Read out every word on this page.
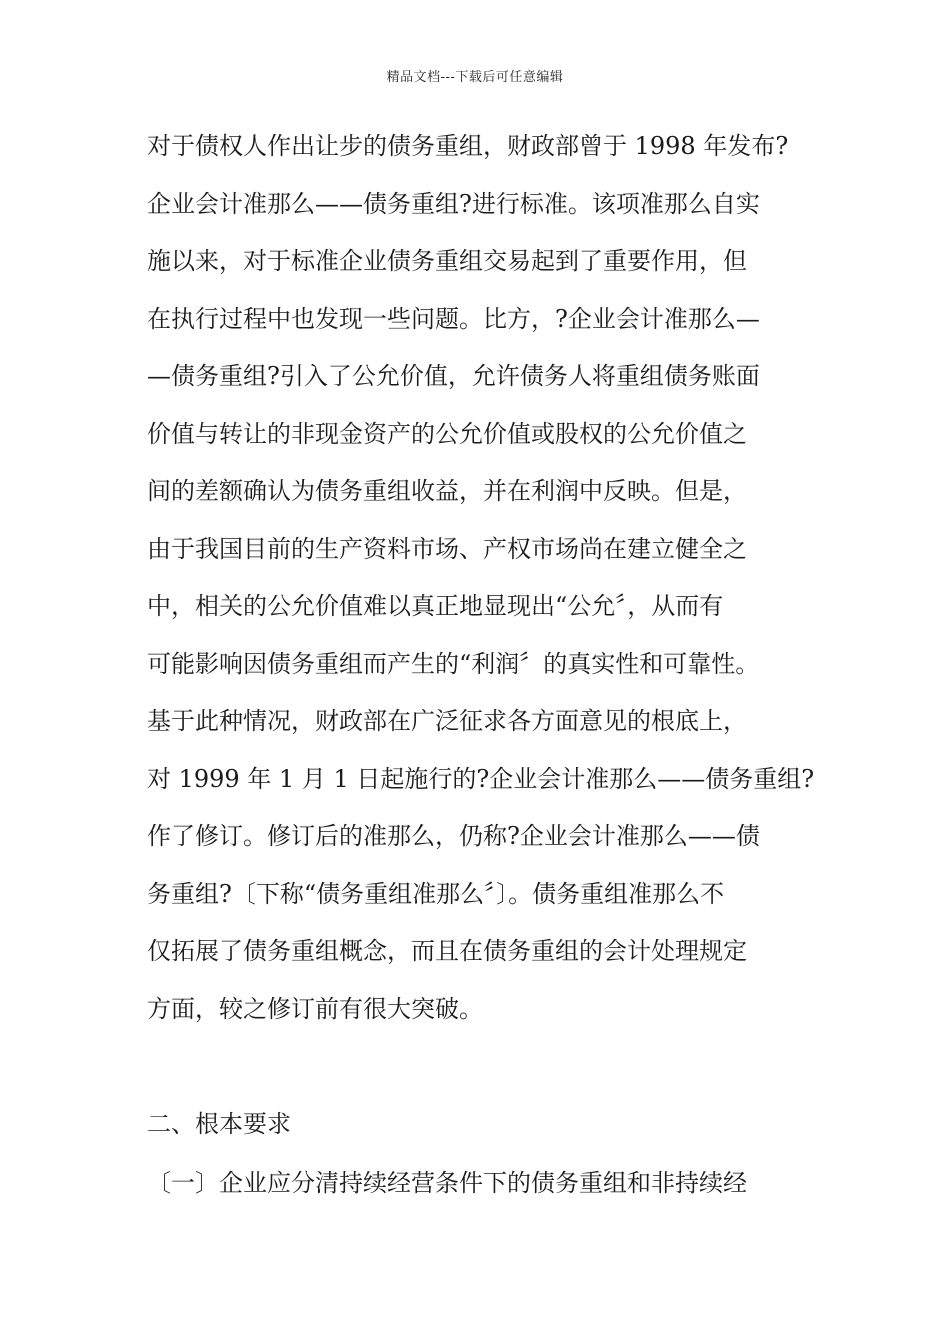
精品文档---下载后可任意编辑
对于债权人作出让步的债务重组，财政部曾于 1998 年发布?
企业会计准那么——债务重组?进行标准。该项准那么自实
施以来，对于标准企业债务重组交易起到了重要作用，但
在执行过程中也发现一些问题。比方，?企业会计准那么—
—债务重组?引入了公允价值，允许债务人将重组债务账面
价值与转让的非现金资产的公允价值或股权的公允价值之
间的差额确认为债务重组收益，并在利润中反映。但是，
由于我国目前的生产资料市场、产权市场尚在建立健全之
中，相关的公允价值难以真正地显现出“公允〞，从而有
可能影响因债务重组而产生的“利润〞的真实性和可靠性。
基于此种情况，财政部在广泛征求各方面意见的根底上，
对 1999 年 1 月 1 日起施行的?企业会计准那么——债务重组?
作了修订。修订后的准那么，仍称?企业会计准那么——债
务重组?〔下称“债务重组准那么〞〕。债务重组准那么不
仅拓展了债务重组概念，而且在债务重组的会计处理规定
方面，较之修订前有很大突破。
二、根本要求
〔一〕企业应分清持续经营条件下的债务重组和非持续经
